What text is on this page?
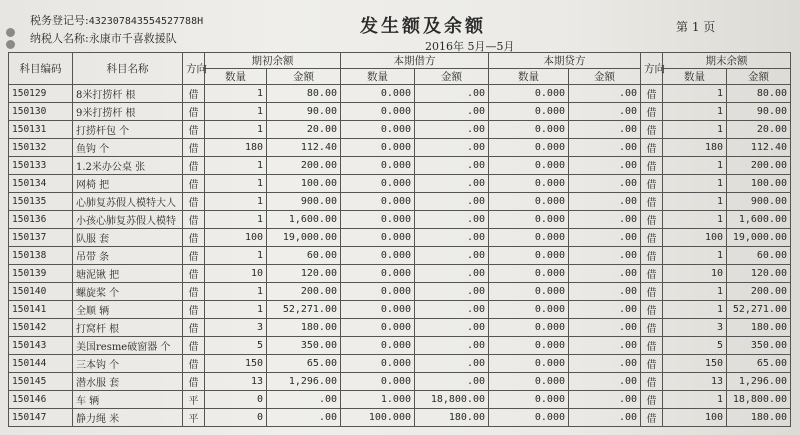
税务登记号:432307843554527788H
纳税人名称:永康市千喜救援队
发生额及余额
2016年 5月—5月
第 1 页
科目编码	科目名称	方向	期初余额		本期借方		本期贷方		方向	期末余额	
			数量	金额	数量	金额	数量	金额		数量	金额
150129	8米打捞杆 根	借	1	80.00	0.000	.00	0.000	.00	借	1	80.00
150130	9米打捞杆 根	借	1	90.00	0.000	.00	0.000	.00	借	1	90.00
150131	打捞杆包 个	借	1	20.00	0.000	.00	0.000	.00	借	1	20.00
150132	鱼钩 个	借	180	112.40	0.000	.00	0.000	.00	借	180	112.40
150133	1.2米办公桌 张	借	1	200.00	0.000	.00	0.000	.00	借	1	200.00
150134	网椅 把	借	1	100.00	0.000	.00	0.000	.00	借	1	100.00
150135	心肺复苏假人模特大人	借	1	900.00	0.000	.00	0.000	.00	借	1	900.00
150136	小孩心肺复苏假人模特	借	1	1,600.00	0.000	.00	0.000	.00	借	1	1,600.00
150137	队服 套	借	100	19,000.00	0.000	.00	0.000	.00	借	100	19,000.00
150138	吊带 条	借	1	60.00	0.000	.00	0.000	.00	借	1	60.00
150139	塘泥锹 把	借	10	120.00	0.000	.00	0.000	.00	借	10	120.00
150140	螺旋桨 个	借	1	200.00	0.000	.00	0.000	.00	借	1	200.00
150141	全顺 辆	借	1	52,271.00	0.000	.00	0.000	.00	借	1	52,271.00
150142	打窝杆 根	借	3	180.00	0.000	.00	0.000	.00	借	3	180.00
150143	美国resme破窗器 个	借	5	350.00	0.000	.00	0.000	.00	借	5	350.00
150144	三本钩 个	借	150	65.00	0.000	.00	0.000	.00	借	150	65.00
150145	潜水服 套	借	13	1,296.00	0.000	.00	0.000	.00	借	13	1,296.00
150146	车 辆	平	0	.00	1.000	18,800.00	0.000	.00	借	1	18,800.00
150147	静力绳 米	平	0	.00	100.000	180.00	0.000	.00	借	100	180.00
